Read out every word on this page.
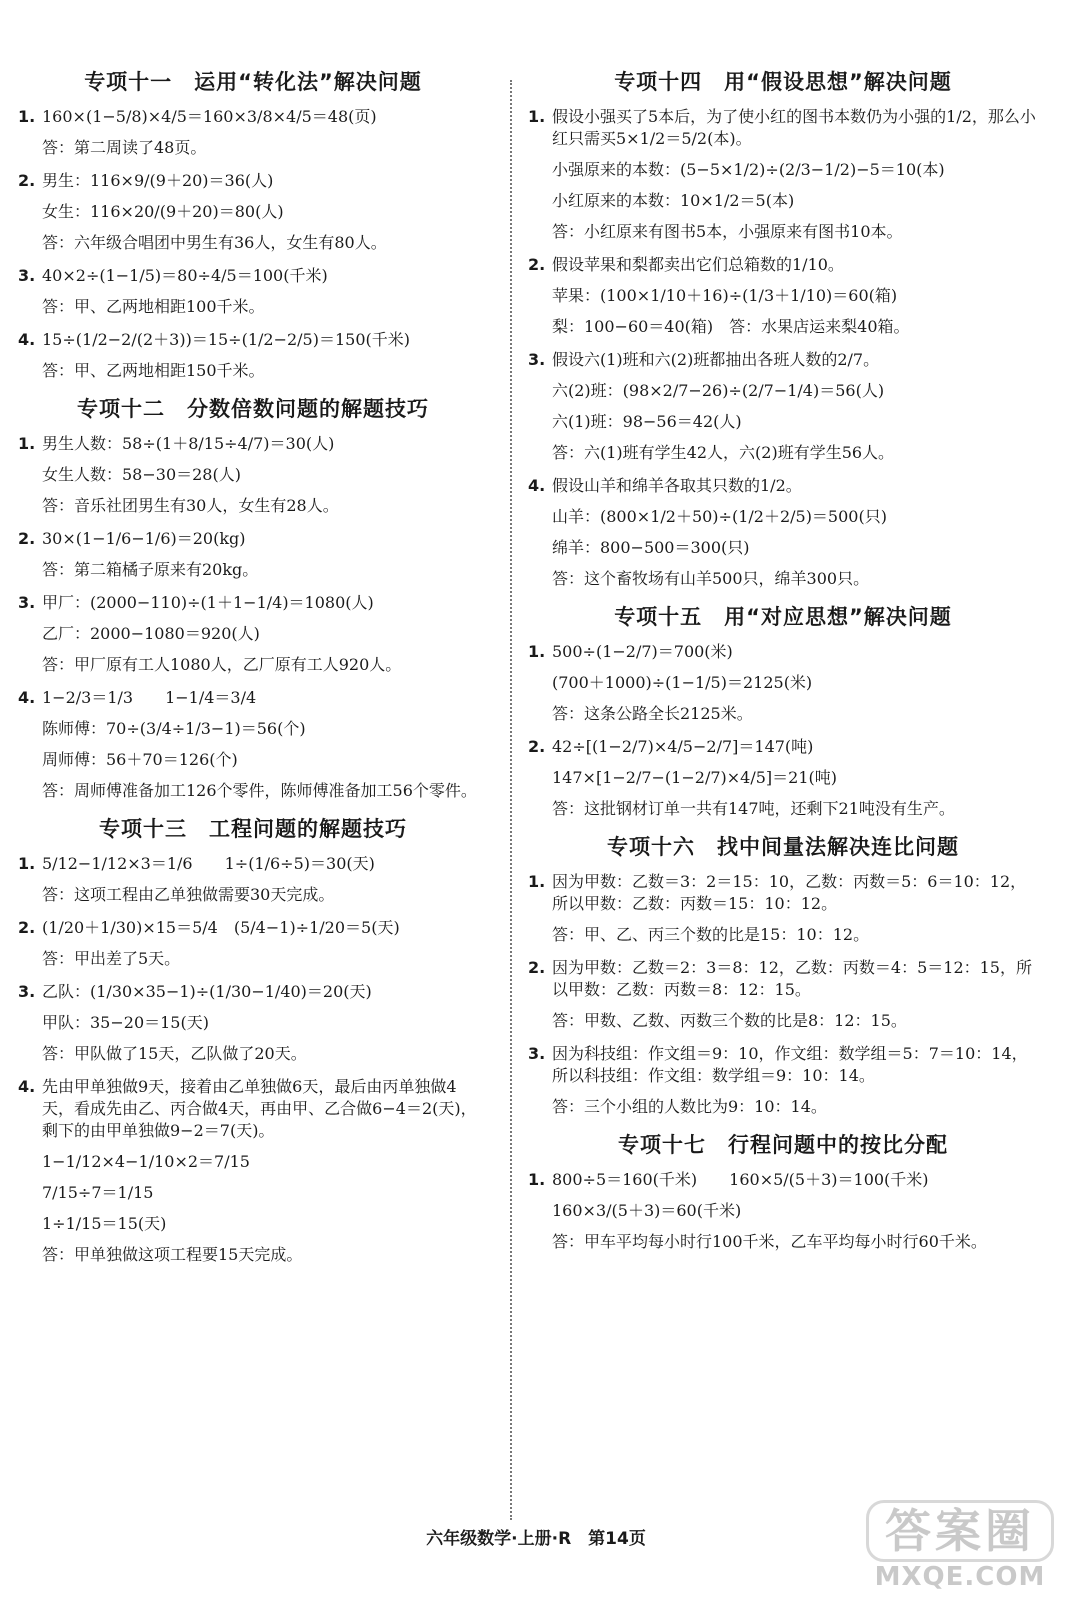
专项十一　运用“转化法”解决问题
1. 160×(1−5/8)×4/5＝160×3/8×4/5＝48(页)
答：第二周读了48页。
2. 男生：116×9/(9＋20)＝36(人)
女生：116×20/(9＋20)＝80(人)
答：六年级合唱团中男生有36人，女生有80人。
3. 40×2÷(1−1/5)＝80÷4/5＝100(千米)
答：甲、乙两地相距100千米。
4. 15÷(1/2−2/(2＋3))＝15÷(1/2−2/5)＝150(千米)
答：甲、乙两地相距150千米。
专项十二　分数倍数问题的解题技巧
1. 男生人数：58÷(1＋8/15÷4/7)＝30(人)
女生人数：58−30＝28(人)
答：音乐社团男生有30人，女生有28人。
2. 30×(1−1/6−1/6)＝20(kg)
答：第二箱橘子原来有20kg。
3. 甲厂：(2000−110)÷(1＋1−1/4)＝1080(人)
乙厂：2000−1080＝920(人)
答：甲厂原有工人1080人，乙厂原有工人920人。
4. 1−2/3＝1/3　　1−1/4＝3/4
陈师傅：70÷(3/4÷1/3−1)＝56(个)
周师傅：56＋70＝126(个)
答：周师傅准备加工126个零件，陈师傅准备加工56个零件。
专项十三　工程问题的解题技巧
1. 5/12−1/12×3＝1/6　　1÷(1/6÷5)＝30(天)
答：这项工程由乙单独做需要30天完成。
2. (1/20＋1/30)×15＝5/4　(5/4−1)÷1/20＝5(天)
答：甲出差了5天。
3. 乙队：(1/30×35−1)÷(1/30−1/40)＝20(天)
甲队：35−20＝15(天)
答：甲队做了15天，乙队做了20天。
4. 先由甲单独做9天，接着由乙单独做6天，最后由丙单独做4天，看成先由乙、丙合做4天，再由甲、乙合做6−4＝2(天)，剩下的由甲单独做9−2＝7(天)。
1−1/12×4−1/10×2＝7/15
7/15÷7＝1/15
1÷1/15＝15(天)
答：甲单独做这项工程要15天完成。
专项十四　用“假设思想”解决问题
1. 假设小强买了5本后，为了使小红的图书本数仍为小强的1/2，那么小红只需买5×1/2＝5/2(本)。
小强原来的本数：(5−5×1/2)÷(2/3−1/2)−5＝10(本)
小红原来的本数：10×1/2＝5(本)
答：小红原来有图书5本，小强原来有图书10本。
2. 假设苹果和梨都卖出它们总箱数的1/10。
苹果：(100×1/10＋16)÷(1/3＋1/10)＝60(箱)
梨：100−60＝40(箱)　答：水果店运来梨40箱。
3. 假设六(1)班和六(2)班都抽出各班人数的2/7。
六(2)班：(98×2/7−26)÷(2/7−1/4)＝56(人)
六(1)班：98−56＝42(人)
答：六(1)班有学生42人，六(2)班有学生56人。
4. 假设山羊和绵羊各取其只数的1/2。
山羊：(800×1/2＋50)÷(1/2＋2/5)＝500(只)
绵羊：800−500＝300(只)
答：这个畜牧场有山羊500只，绵羊300只。
专项十五　用“对应思想”解决问题
1. 500÷(1−2/7)＝700(米)
(700＋1000)÷(1−1/5)＝2125(米)
答：这条公路全长2125米。
2. 42÷[(1−2/7)×4/5−2/7]＝147(吨)
147×[1−2/7−(1−2/7)×4/5]＝21(吨)
答：这批钢材订单一共有147吨，还剩下21吨没有生产。
专项十六　找中间量法解决连比问题
1. 因为甲数：乙数＝3：2＝15：10，乙数：丙数＝5：6＝10：12，所以甲数：乙数：丙数＝15：10：12。
答：甲、乙、丙三个数的比是15：10：12。
2. 因为甲数：乙数＝2：3＝8：12，乙数：丙数＝4：5＝12：15，所以甲数：乙数：丙数＝8：12：15。
答：甲数、乙数、丙数三个数的比是8：12：15。
3. 因为科技组：作文组＝9：10，作文组：数学组＝5：7＝10：14，所以科技组：作文组：数学组＝9：10：14。
答：三个小组的人数比为9：10：14。
专项十七　行程问题中的按比分配
1. 800÷5＝160(千米)　　160×5/(5＋3)＝100(千米)
160×3/(5＋3)＝60(千米)
答：甲车平均每小时行100千米，乙车平均每小时行60千米。
六年级数学·上册·R　第14页	答案圈
MXQE.COM
